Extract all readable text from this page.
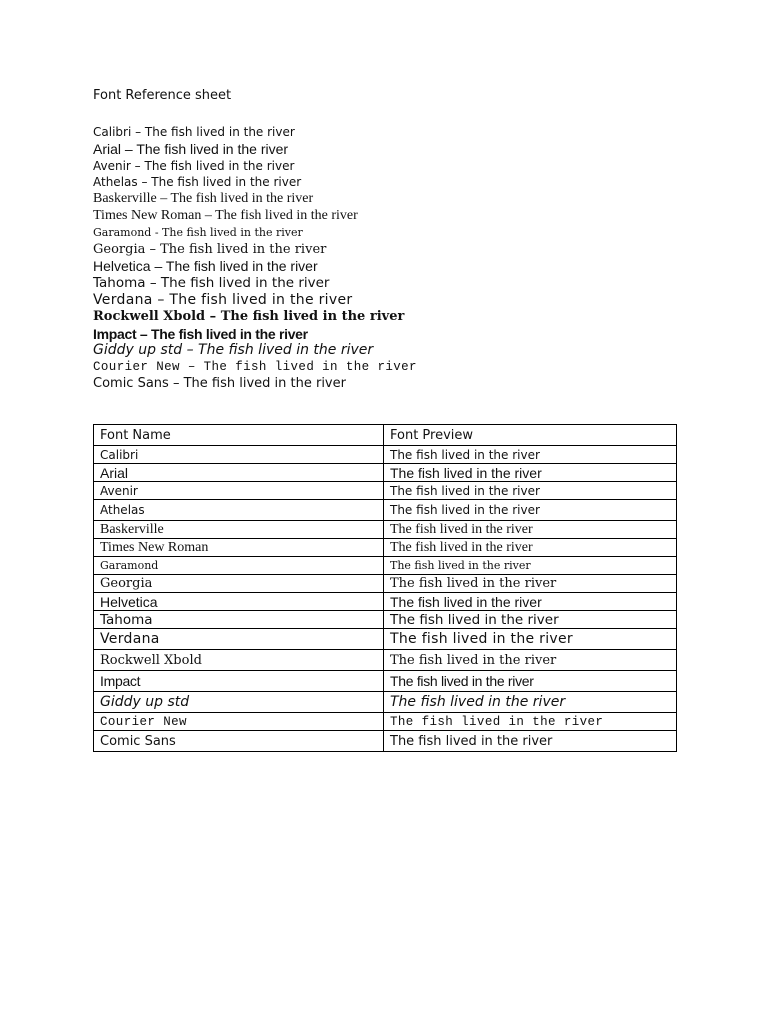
Font Reference sheet
Calibri – The fish lived in the river
Arial – The fish lived in the river
Avenir – The fish lived in the river
Athelas – The fish lived in the river
Baskerville – The fish lived in the river
Times New Roman – The fish lived in the river
Garamond - The fish lived in the river
Georgia – The fish lived in the river
Helvetica – The fish lived in the river
Tahoma – The fish lived in the river
Verdana – The fish lived in the river
Rockwell Xbold – The fish lived in the river
Impact – The fish lived in the river
Giddy up std – The fish lived in the river
Courier New – The fish lived in the river
Comic Sans – The fish lived in the river
Font Name	Font Preview
Calibri	The fish lived in the river
Arial	The fish lived in the river
Avenir	The fish lived in the river
Athelas	The fish lived in the river
Baskerville	The fish lived in the river
Times New Roman	The fish lived in the river
Garamond	The fish lived in the river
Georgia	The fish lived in the river
Helvetica	The fish lived in the river
Tahoma	The fish lived in the river
Verdana	The fish lived in the river
Rockwell Xbold	The fish lived in the river
Impact	The fish lived in the river
Giddy up std	The fish lived in the river
Courier New	The fish lived in the river
Comic Sans	The fish lived in the river
